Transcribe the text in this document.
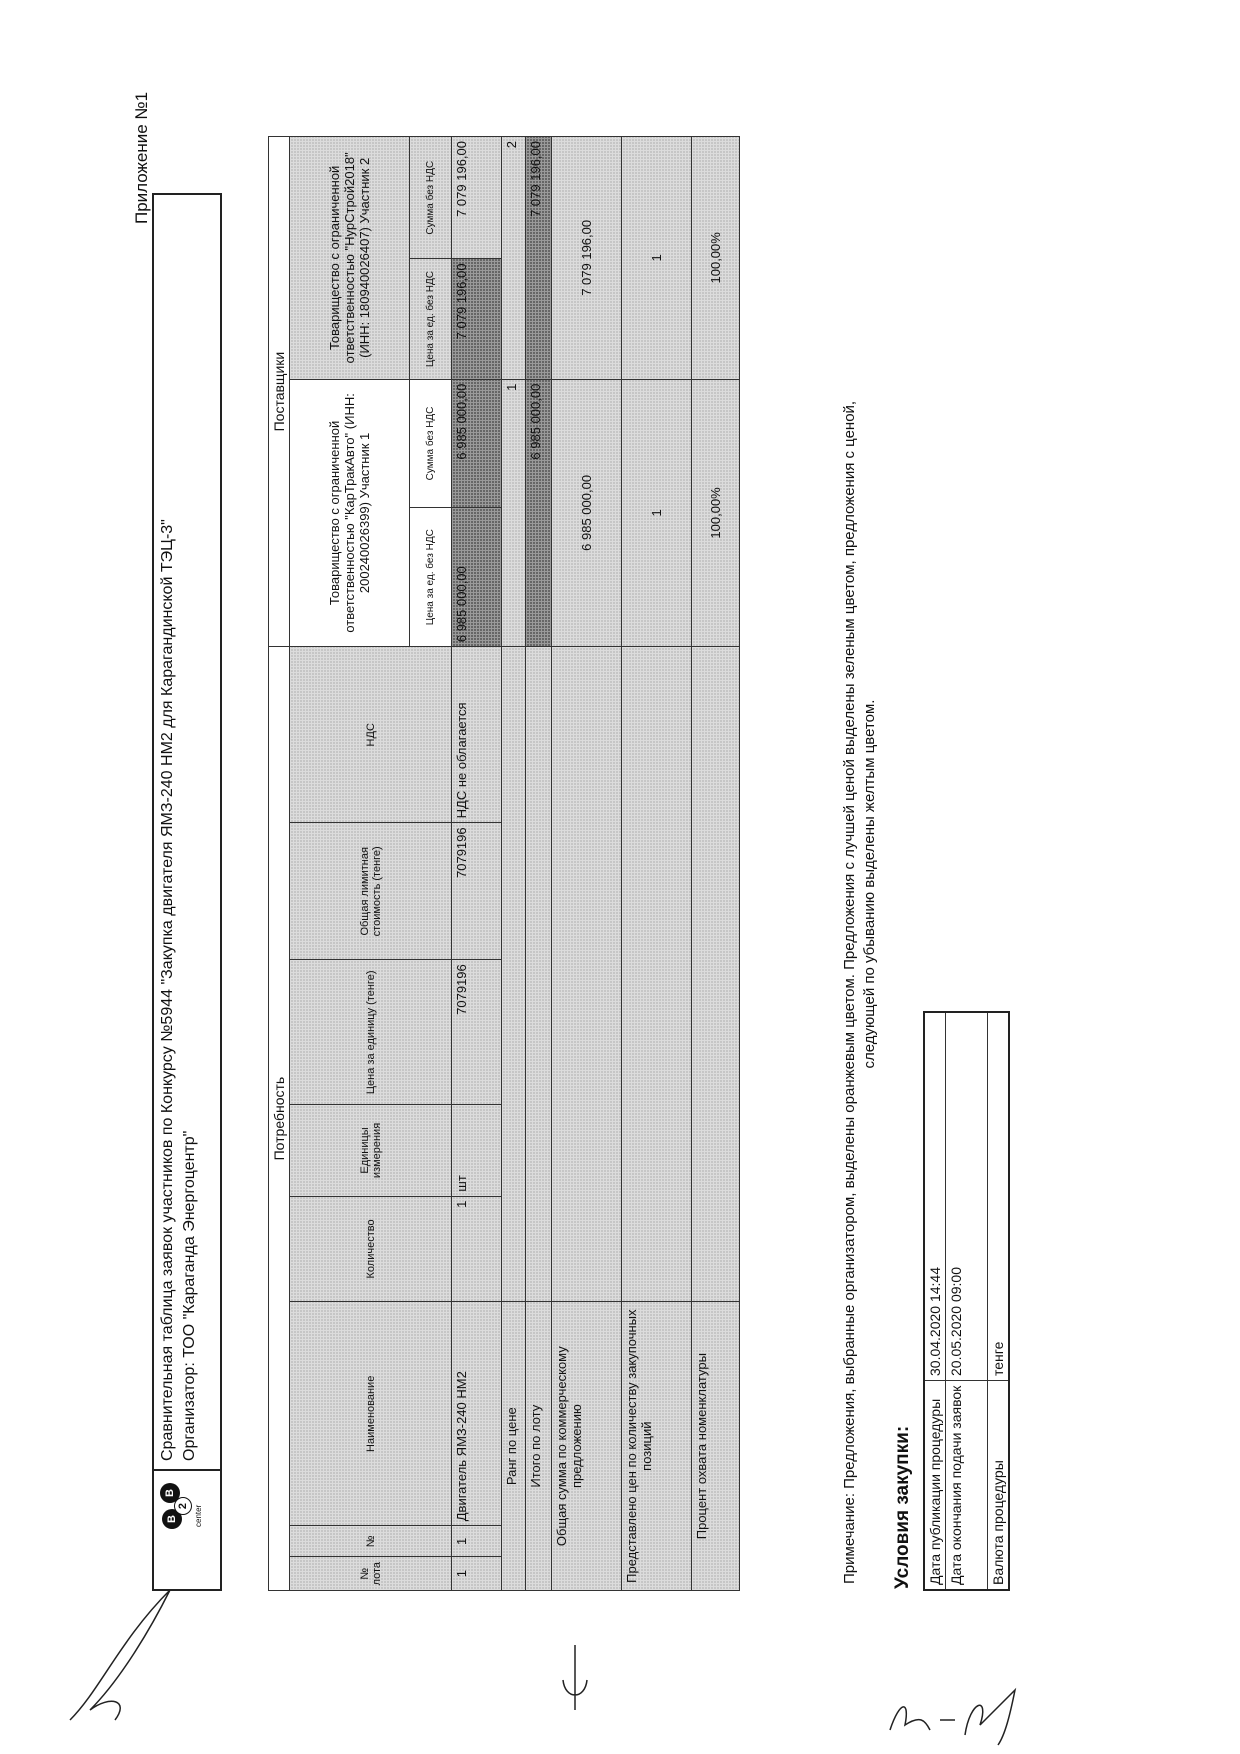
Приложение №1
B
2
B
center
Сравнительная таблица заявок участников по Конкурсу №5944 "Закупка двигателя ЯМЗ-240 НМ2 для Карагандинской ТЭЦ-3" Организатор: ТОО "Караганда Энергоцентр"
Потребность								Поставщики			
№ лота	№	Наименование	Количество	Единицы измерения	Цена за единицу (тенге)	Общая лимитная стоимость (тенге)	НДС	Товарищество с ограниченной ответственностью "КарТракАвто" (ИНН: 200240026399) Участник 1		Товарищество с ограниченной ответственностью "НурСтрой2018" (ИНН: 180940026407) Участник 2	
								Цена за ед. без НДС	Сумма без НДС	Цена за ед. без НДС	Сумма без НДС
1	1	Двигатель ЯМЗ-240 НМ2	1	шт	7079196	7079196	НДС не облагается	6 985 000,00	6 985 000,00	7 079 196,00	7 079 196,00
Ранг по цене								1		2	
Итого по лоту								6 985 000,00		7 079 196,00	
Общая сумма по коммерческому предложению								6 985 000,00		7 079 196,00	
Представлено цен по количеству закупочных позиций								1		1	
Процент охвата номенклатуры								100,00%		100,00%	
Примечание: Предложения, выбранные организатором, выделены оранжевым цветом. Предложения с лучшей ценой выделены зеленым цветом, предложения с ценой, следующей по убыванию выделены желтым цветом.
Условия закупки: Дата публикации процедуры	30.04.2020 14:44
Дата окончания подачи заявок	20.05.2020 09:00
Валюта процедуры	тенге
